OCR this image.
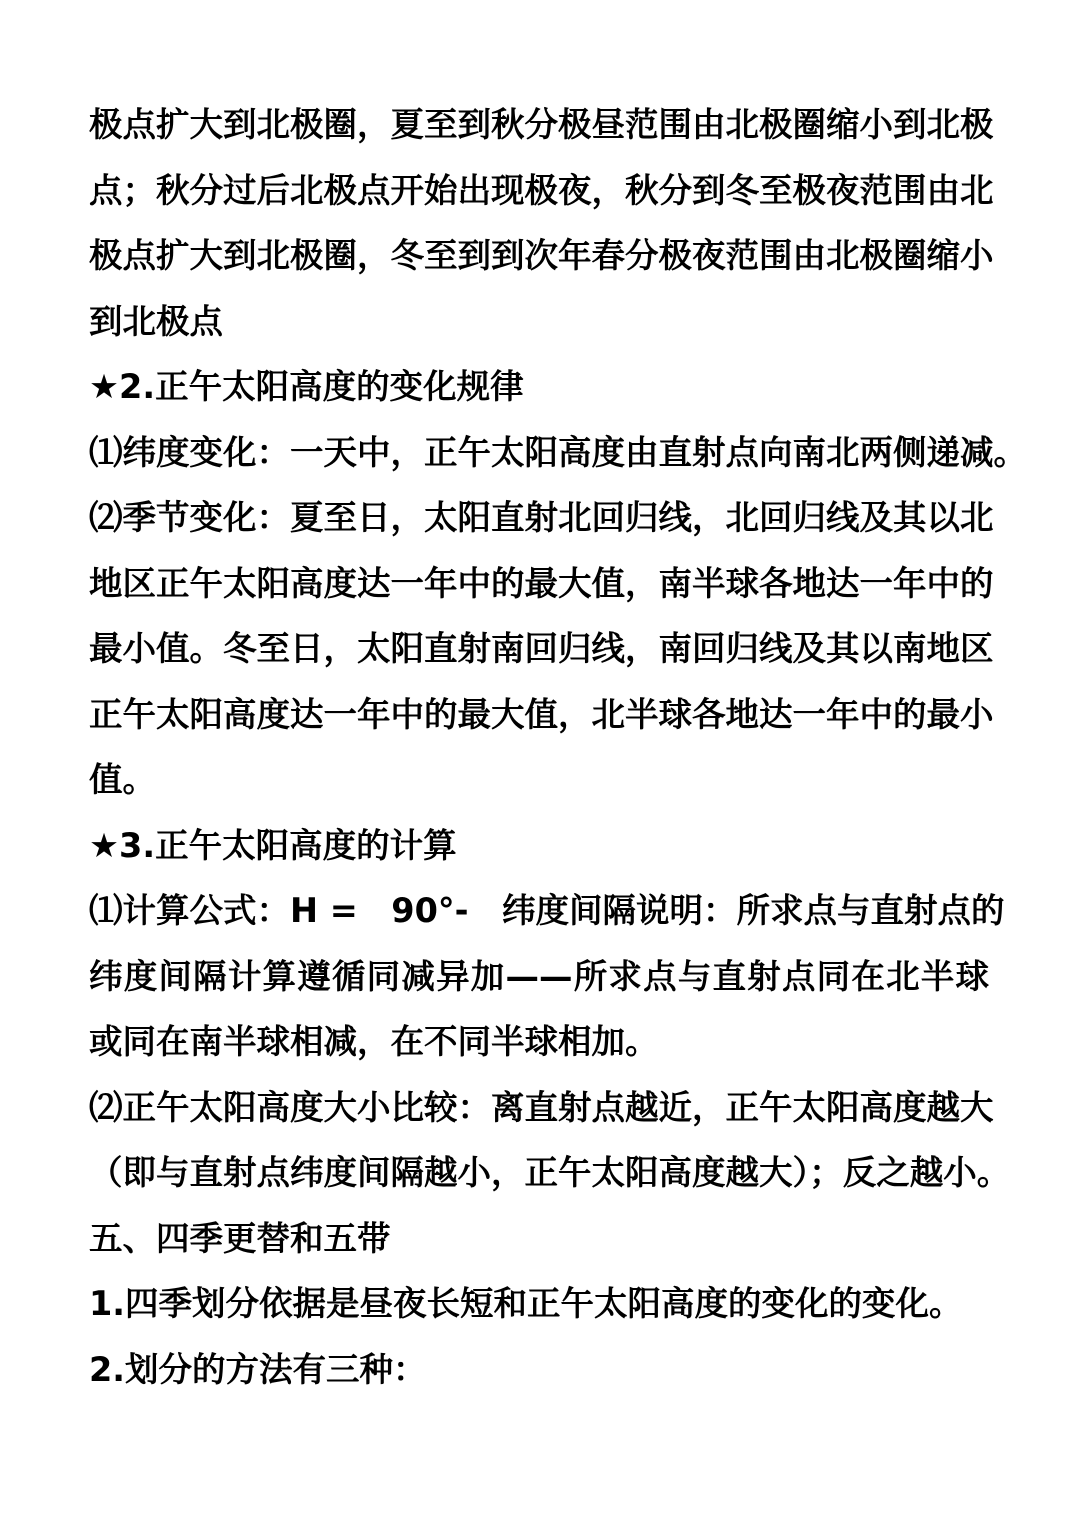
极点扩大到北极圈，夏至到秋分极昼范围由北极圈缩小到北极
点；秋分过后北极点开始出现极夜，秋分到冬至极夜范围由北
极点扩大到北极圈，冬至到到次年春分极夜范围由北极圈缩小
到北极点
★2.正午太阳高度的变化规律
⑴纬度变化：一天中，正午太阳高度由直射点向南北两侧递减。
⑵季节变化：夏至日，太阳直射北回归线，北回归线及其以北
地区正午太阳高度达一年中的最大值，南半球各地达一年中的
最小值。冬至日，太阳直射南回归线，南回归线及其以南地区
正午太阳高度达一年中的最大值，北半球各地达一年中的最小
值。
★3.正午太阳高度的计算
⑴计算公式：H =　90°-　纬度间隔说明：所求点与直射点的
纬度间隔计算遵循同减异加——所求点与直射点同在北半球
或同在南半球相减，在不同半球相加。
⑵正午太阳高度大小比较：离直射点越近，正午太阳高度越大
（即与直射点纬度间隔越小，正午太阳高度越大）；反之越小。
五、四季更替和五带
1.四季划分依据是昼夜长短和正午太阳高度的变化的变化。
2.划分的方法有三种：
